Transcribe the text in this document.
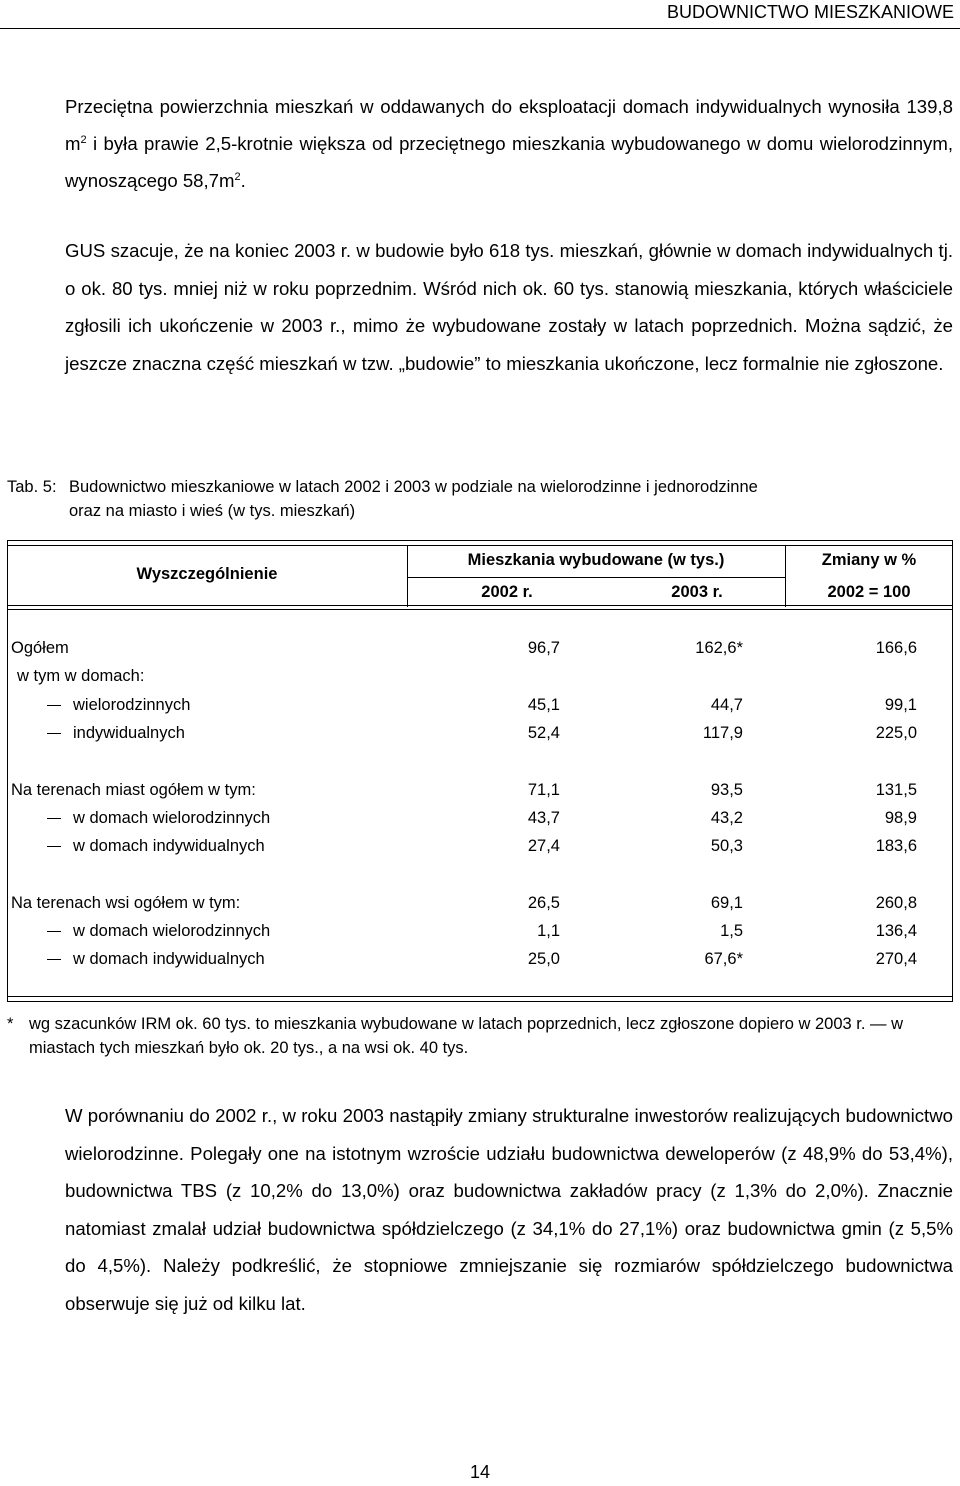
BUDOWNICTWO MIESZKANIOWE

Przeciętna powierzchnia mieszkań w oddawanych do eksploatacji domach indywidualnych wynosiła 139,8 $m^2$ i była prawie 2,5-krotnie większa od przeciętnego mieszkania wybudowanego w domu wielorodzinnym, wynoszącego $58,7m^2$.

GUS szacuje, że na koniec 2003 r. w budowie było 618 tys. mieszkań, głównie w domach indywidualnych tj. o ok. 80 tys. mniej niż w roku poprzednim. Wśród nich ok. 60 tys. stanowią mieszkania, których właściciele zgłosili ich ukończenie w 2003 r., mimo że wybudowane zostały w latach poprzednich. Można sądzić, że jeszcze znaczna część mieszkań w tzw. „budowie” to mieszkania ukończone, lecz formalnie nie zgłoszone.

Tab. 5: Budownictwo mieszkaniowe w latach 2002 i 2003 w podziale na wielorodzinne i jednorodzinne
oraz na miasto i wieś (w tys. mieszkań)
Wyszczególnienie
Mieszkania wybudowane (w tys.)
2002 r.	2003 r.
Zmiany w %
2002 = 100
Ogółem	96,7	162,6*	166,6
w tym w domach:
wielorodzinnych	45,1	44,7	99,1
indywidualnych	52,4	117,9	225,0
Na terenach miast ogółem w tym:	71,1	93,5	131,5
w domach wielorodzinnych	43,7	43,2	98,9
w domach indywidualnych	27,4	50,3	183,6
Na terenach wsi ogółem w tym:	26,5	69,1	260,8
w domach wielorodzinnych	1,1	1,5	136,4
w domach indywidualnych	25,0	67,6*	270,4
* wg szacunków IRM ok. 60 tys. to mieszkania wybudowane w latach poprzednich, lecz zgłoszone dopiero w 2003 r. — w miastach tych mieszkań było ok. 20 tys., a na wsi ok. 40 tys.

W porównaniu do 2002 r., w roku 2003 nastąpiły zmiany strukturalne inwestorów realizujących budownictwo wielorodzinne. Polegały one na istotnym wzroście udziału budownictwa deweloperów (z 48,9% do 53,4%), budownictwa TBS (z 10,2% do 13,0%) oraz budownictwa zakładów pracy (z 1,3% do 2,0%). Znacznie natomiast zmalał udział budownictwa spółdzielczego (z 34,1% do 27,1%) oraz budownictwa gmin (z 5,5% do 4,5%). Należy podkreślić, że stopniowe zmniejszanie się rozmiarów spółdzielczego budownictwa obserwuje się już od kilku lat.

14
